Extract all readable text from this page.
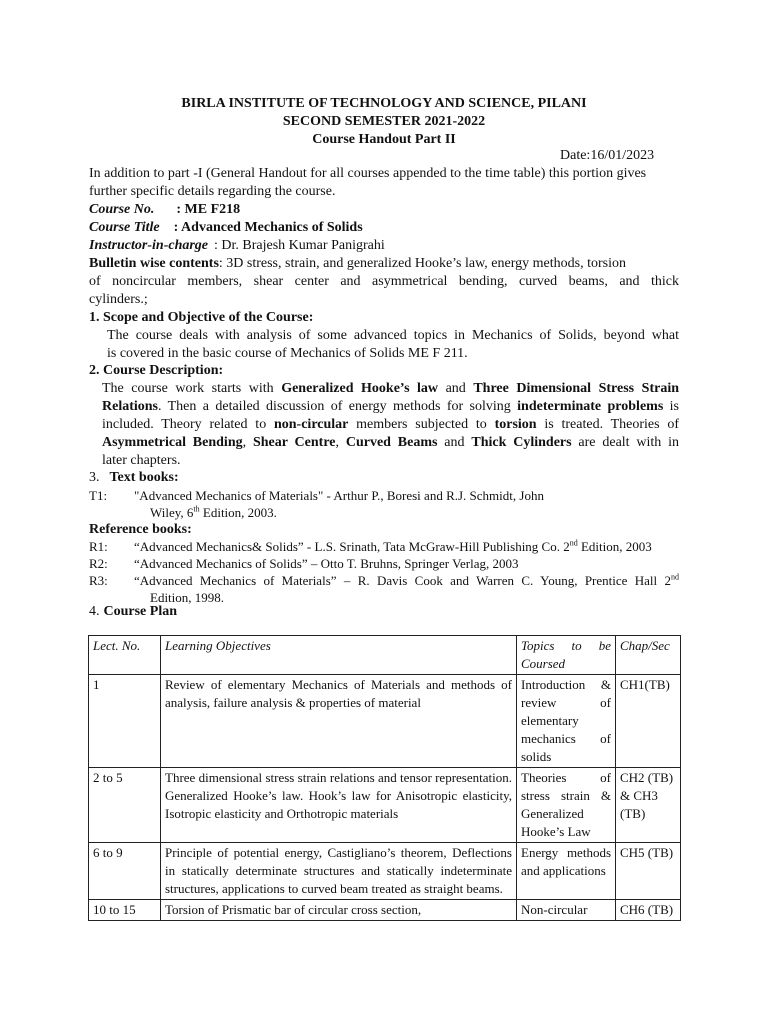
BIRLA INSTITUTE OF TECHNOLOGY AND SCIENCE, PILANI
SECOND SEMESTER 2021-2022
Course Handout Part II
Date:16/01/2023
In addition to part -I (General Handout for all courses appended to the time table) this portion gives
further specific details regarding the course.
Course No. : ME F218
Course Title : Advanced Mechanics of Solids
Instructor-in-charge : Dr. Brajesh Kumar Panigrahi
Bulletin wise contents: 3D stress, strain, and generalized Hooke’s law, energy methods, torsion
of noncircular members, shear center and asymmetrical bending, curved beams, and thick
cylinders.;
1. Scope and Objective of the Course:
The course deals with analysis of some advanced topics in Mechanics of Solids, beyond what
is covered in the basic course of Mechanics of Solids ME F 211.
2. Course Description:
The course work starts with Generalized Hooke’s law and Three Dimensional Stress Strain
Relations. Then a detailed discussion of energy methods for solving indeterminate problems is
included. Theory related to non-circular members subjected to torsion is treated. Theories of
Asymmetrical Bending, Shear Centre, Curved Beams and Thick Cylinders are dealt with in
later chapters.
3. Text books:
T1: "Advanced Mechanics of Materials" - Arthur P., Boresi and R.J. Schmidt, John
Wiley, 6th Edition, 2003.
Reference books:
R1: “Advanced Mechanics& Solids” - L.S. Srinath, Tata McGraw-Hill Publishing Co. 2nd Edition, 2003
R2: “Advanced Mechanics of Solids” – Otto T. Bruhns, Springer Verlag, 2003
R3: “Advanced Mechanics of Materials” – R. Davis Cook and Warren C. Young, Prentice Hall 2nd
Edition, 1998.
4. Course Plan
Lect. No.	Learning Objectives	Topics to be Coursed	Chap/Sec
1	Review of elementary Mechanics of Materials and methods of analysis, failure analysis & properties of material	Introduction & review of elementary mechanics of solids	CH1(TB)
2 to 5	Three dimensional stress strain relations and tensor representation. Generalized Hooke’s law. Hook’s law for Anisotropic elasticity, Isotropic elasticity and Orthotropic materials	Theories of stress strain & Generalized Hooke’s Law	CH2 (TB) & CH3 (TB)
6 to 9	Principle of potential energy, Castigliano’s theorem, Deflections in statically determinate structures and statically indeterminate structures, applications to curved beam treated as straight beams.	Energy methods and applications	CH5 (TB)
10 to 15	Torsion of Prismatic bar of circular cross section,	Non-circular	CH6 (TB)
